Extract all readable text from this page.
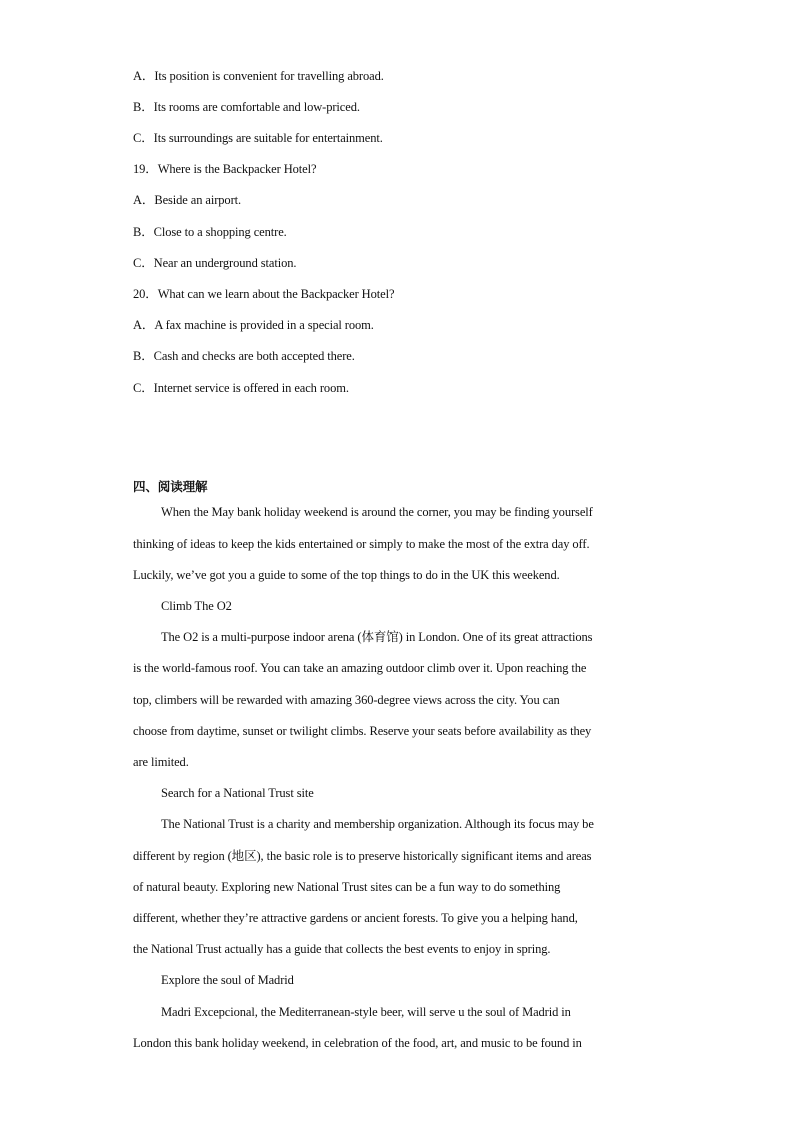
A．Its position is convenient for travelling abroad.
B．Its rooms are comfortable and low-priced.
C．Its surroundings are suitable for entertainment.
19．Where is the Backpacker Hotel?
A．Beside an airport.
B．Close to a shopping centre.
C．Near an underground station.
20．What can we learn about the Backpacker Hotel?
A．A fax machine is provided in a special room.
B．Cash and checks are both accepted there.
C．Internet service is offered in each room.
四、阅读理解
When the May bank holiday weekend is around the corner, you may be finding yourself
thinking of ideas to keep the kids entertained or simply to make the most of the extra day off.
Luckily, we’ve got you a guide to some of the top things to do in the UK this weekend.
Climb The O2
The O2 is a multi-purpose indoor arena (体育馆) in London. One of its great attractions
is the world-famous roof. You can take an amazing outdoor climb over it. Upon reaching the
top, climbers will be rewarded with amazing 360-degree views across the city. You can
choose from daytime, sunset or twilight climbs. Reserve your seats before availability as they
are limited.
Search for a National Trust site
The National Trust is a charity and membership organization. Although its focus may be
different by region (地区), the basic role is to preserve historically significant items and areas
of natural beauty. Exploring new National Trust sites can be a fun way to do something
different, whether they’re attractive gardens or ancient forests. To give you a helping hand,
the National Trust actually has a guide that collects the best events to enjoy in spring.
Explore the soul of Madrid
Madri Excepcional, the Mediterranean-style beer, will serve u the soul of Madrid in
London this bank holiday weekend, in celebration of the food, art, and music to be found in
